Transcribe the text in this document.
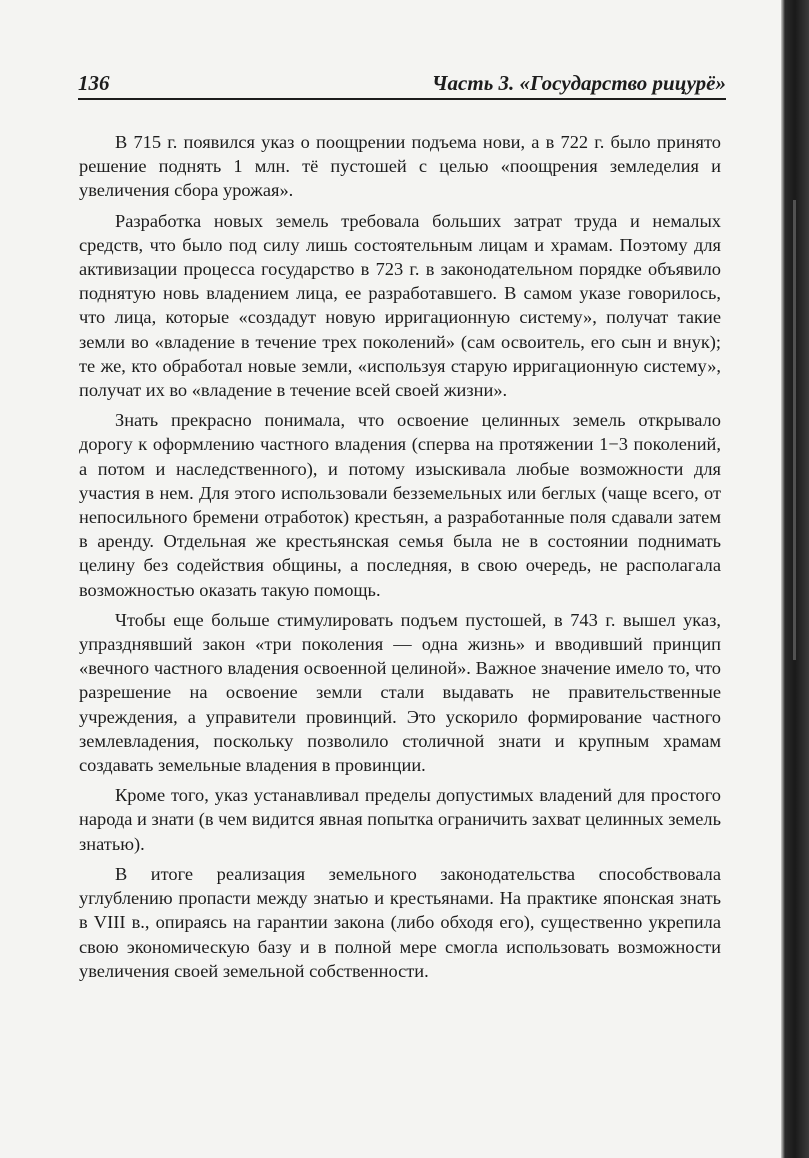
136	Часть 3. «Государство рицурё»

В 715 г. появился указ о поощрении подъема нови, а в 722 г. было принято решение поднять 1 млн. тё пустошей с целью «поощрения земледелия и увеличения сбора урожая».

Разработка новых земель требовала больших затрат труда и немалых средств, что было под силу лишь состоятельным лицам и храмам. Поэтому для активизации процесса государство в 723 г. в законодательном порядке объявило поднятую новь владением лица, ее разработавшего. В самом указе говорилось, что лица, которые «создадут новую ирригационную систему», получат такие земли во «владение в течение трех поколений» (сам освоитель, его сын и внук); те же, кто обработал новые земли, «используя старую ирригационную систему», получат их во «владение в течение всей своей жизни».

Знать прекрасно понимала, что освоение целинных земель открывало дорогу к оформлению частного владения (сперва на протяжении 1−3 поколений, а потом и наследственного), и потому изыскивала любые возможности для участия в нем. Для этого использовали безземельных или беглых (чаще всего, от непосильного бремени отработок) крестьян, а разработанные поля сдавали затем в аренду. Отдельная же крестьянская семья была не в состоянии поднимать целину без содействия общины, а последняя, в свою очередь, не располагала возможностью оказать такую помощь.

Чтобы еще больше стимулировать подъем пустошей, в 743 г. вышел указ, упразднявший закон «три поколения — одна жизнь» и вводивший принцип «вечного частного владения освоенной целиной». Важное значение имело то, что разрешение на освоение земли стали выдавать не правительственные учреждения, а управители провинций. Это ускорило формирование частного землевладения, поскольку позволило столичной знати и крупным храмам создавать земельные владения в провинции.

Кроме того, указ устанавливал пределы допустимых владений для простого народа и знати (в чем видится явная попытка ограничить захват целинных земель знатью).

В итоге реализация земельного законодательства способствовала углублению пропасти между знатью и крестьянами. На практике японская знать в VIII в., опираясь на гарантии закона (либо обходя его), существенно укрепила свою экономическую базу и в полной мере смогла использовать возможности увеличения своей земельной собственности.
